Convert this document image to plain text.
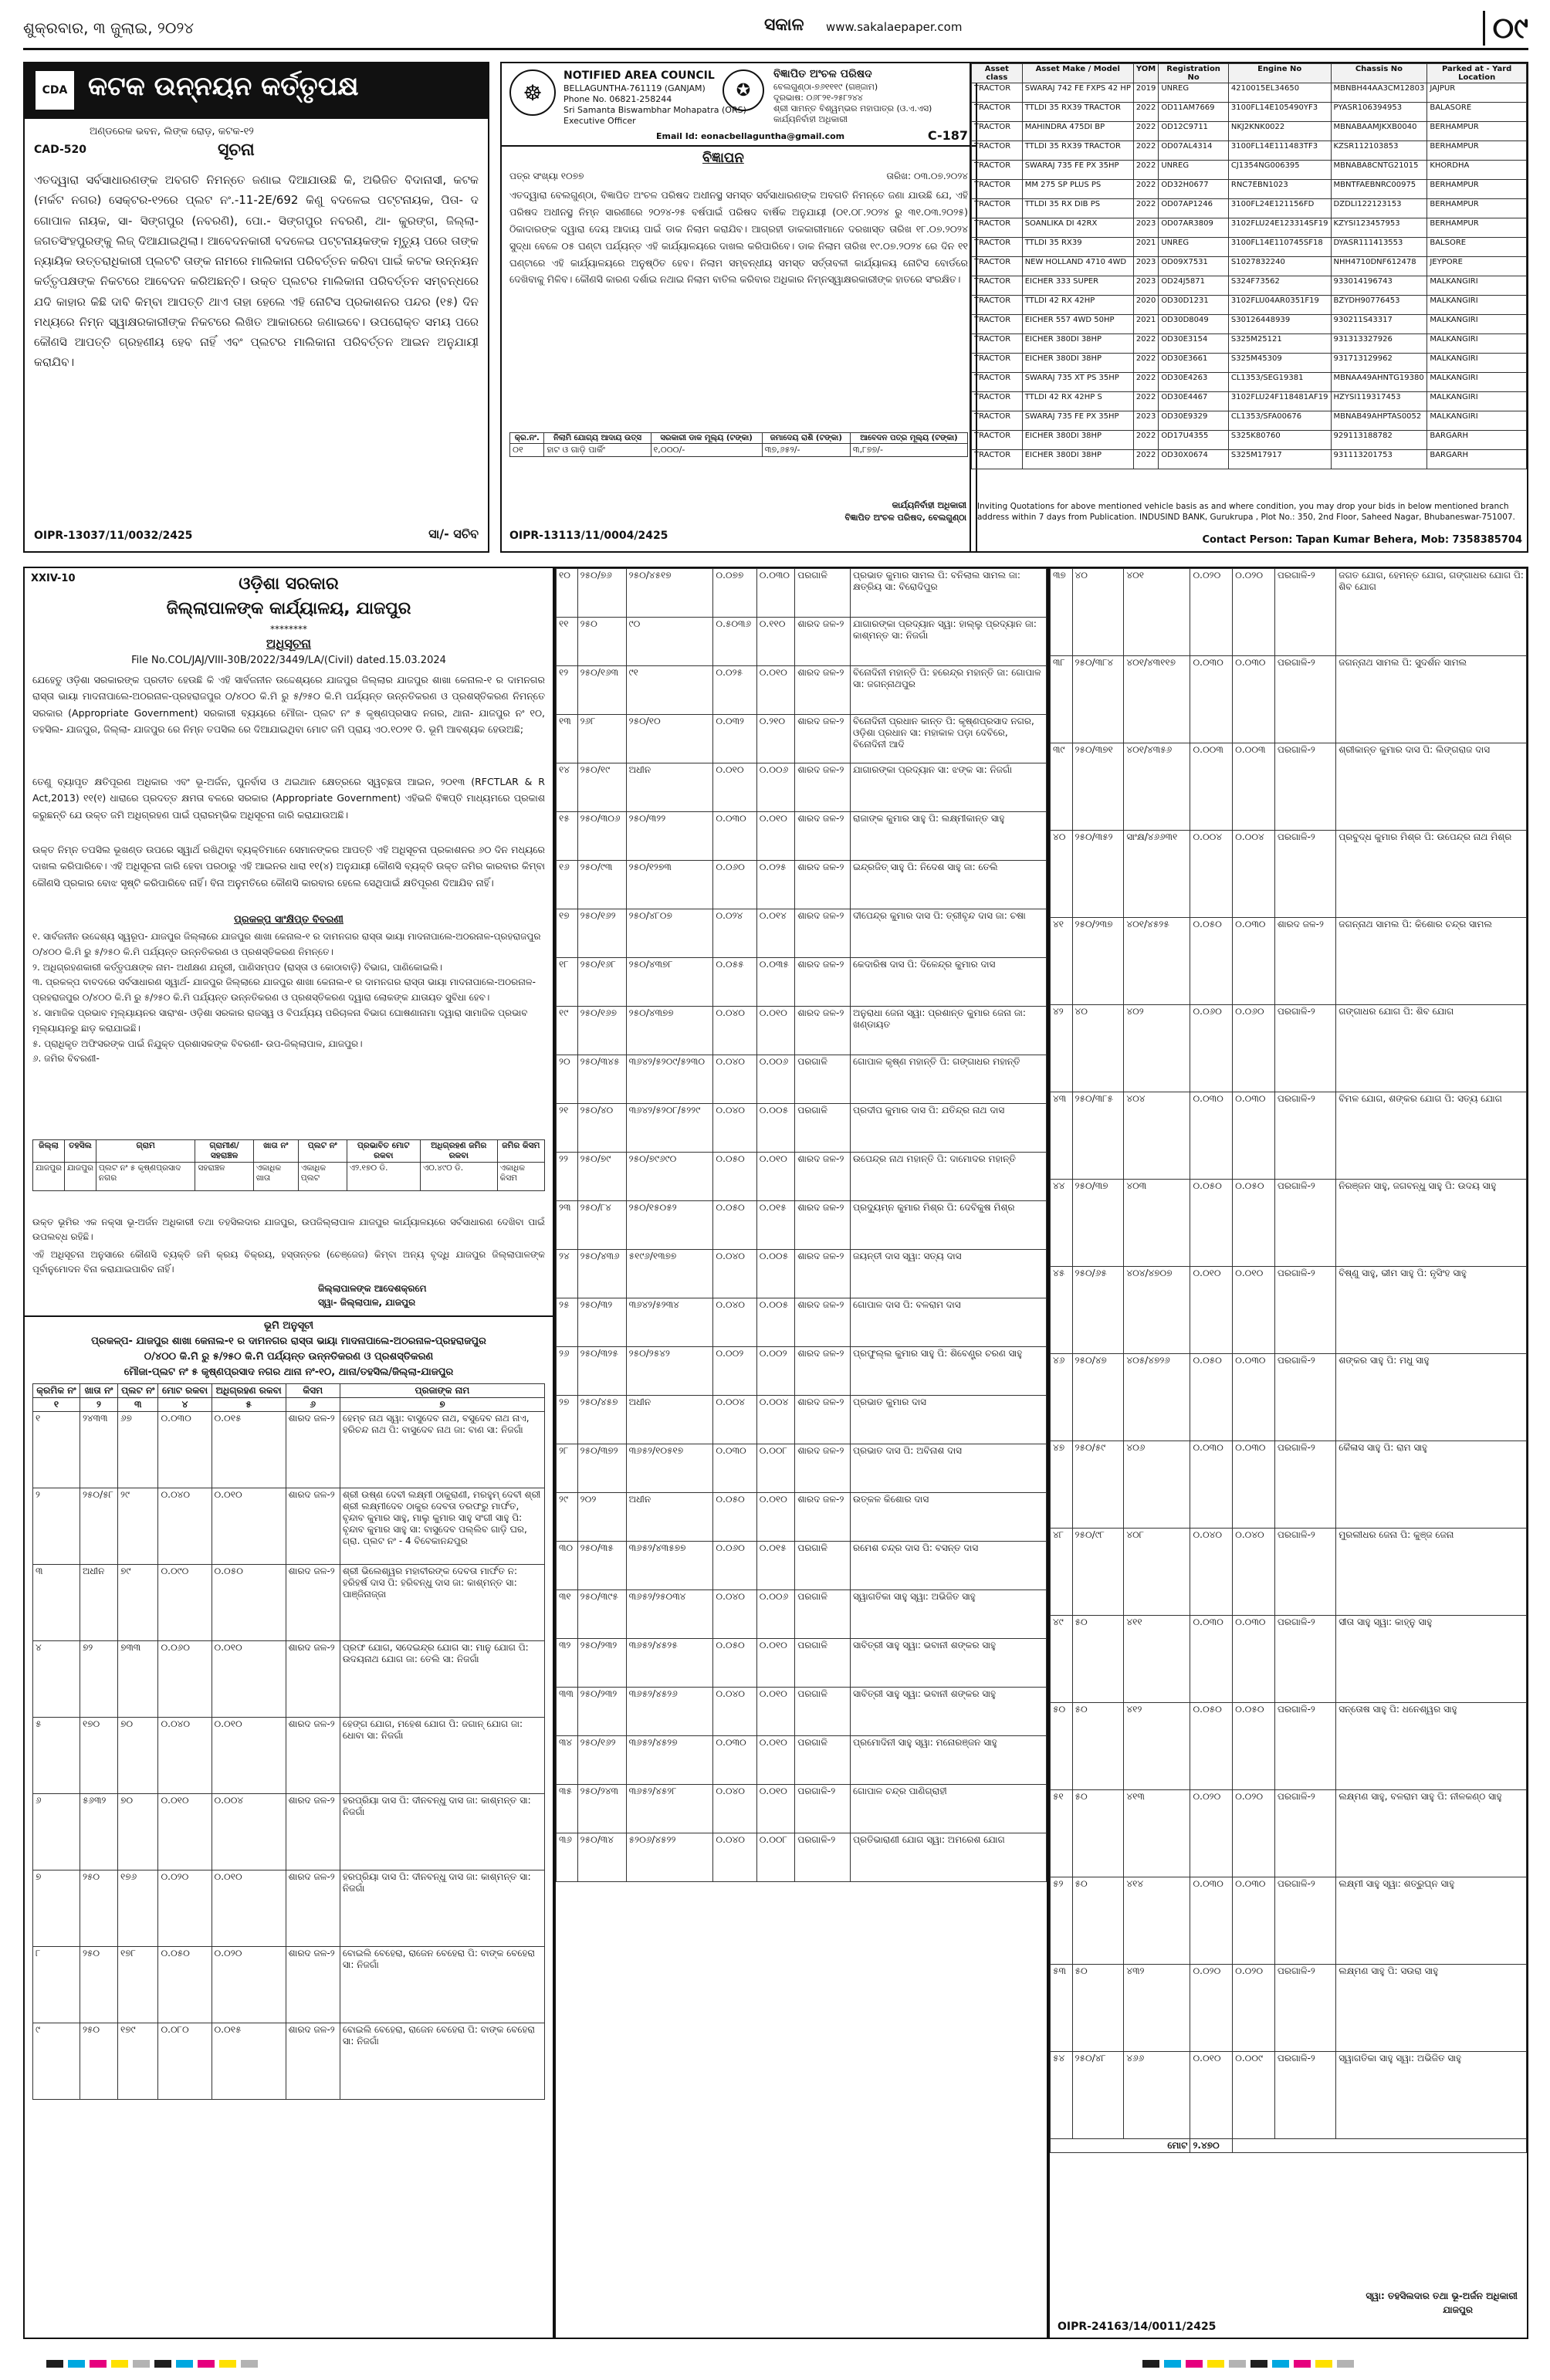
ଶୁକ୍ରବାର, ୩ ଜୁଲାଇ, ୨୦୨୪	ସକାଳ www.sakalaepaper.com	୦୯
CDA କଟକ ଉନ୍ନୟନ କର୍ତ୍ତୃପକ୍ଷ
ଅଣ୍ଡରେକ ଭବନ, ଲିଙ୍କ ରୋଡ଼, କଟକ-୧୨
CAD-520	ସୂଚନା
ଏତଦ୍ୱାରା ସର୍ବସାଧାରଣଙ୍କ ଅବଗତି ନିମନ୍ତେ ଜଣାଇ ଦିଆଯାଉଛି କି, ଅଭିଜିତ ବିଦାନାସୀ, କଟକ (ମର୍କଟ ନଗର) ସେକ୍ଟର-୧୨ରେ ପ୍ଲଟ ନଂ.-11-2E/692 କିଣୁ ବଦଳେଇ ପଟ୍ଟନାୟକ, ପିତା- ଦ ଗୋପାଳ ନାୟକ, ସା- ସିଙ୍ଗପୁର (ନବରଣି), ପୋ.- ସିଙ୍ଗପୁର ନବରଣି, ଥା- କୁରଙ୍ଗ, ଜିଲ୍ଲା- ଜଗତସିଂହପୁରଙ୍କୁ ଲିଜ୍ ଦିଆଯାଇଥିଲା। ଆବେଦନକାରୀ ବଦଳେଇ ପଟ୍ଟନାୟକଙ୍କ ମୃତ୍ୟୁ ପରେ ତାଙ୍କ ନ୍ୟାୟିକ ଉତ୍ତରାଧିକାରୀ ପ୍ଲଟଟି ତାଙ୍କ ନାମରେ ମାଲିକାନା ପରିବର୍ତ୍ତନ କରିବା ପାଇଁ କଟକ ଉନ୍ନୟନ କର୍ତ୍ତୃପକ୍ଷଙ୍କ ନିକଟରେ ଆବେଦନ କରିଅଛନ୍ତି। ଉକ୍ତ ପ୍ଲଟର ମାଲିକାନା ପରିବର୍ତ୍ତନ ସମ୍ବନ୍ଧରେ ଯଦି କାହାର କିଛି ଦାବି କିମ୍ବା ଆପତ୍ତି ଥାଏ ତାହା ହେଲେ ଏହି ନୋଟିସ ପ୍ରକାଶନର ପନ୍ଦର (୧୫) ଦିନ ମଧ୍ୟରେ ନିମ୍ନ ସ୍ୱାକ୍ଷରକାରୀଙ୍କ ନିକଟରେ ଲିଖିତ ଆକାରରେ ଜଣାଇବେ। ଉପରୋକ୍ତ ସମୟ ପରେ କୌଣସି ଆପତ୍ତି ଗ୍ରହଣୀୟ ହେବ ନାହିଁ ଏବଂ ପ୍ଲଟର ମାଲିକାନା ପରିବର୍ତ୍ତନ ଆଇନ ଅନୁଯାୟୀ କରାଯିବ।
OIPR-13037/11/0032/2425	ସା/- ସଚିବ
☸
NOTIFIED AREA COUNCIL
BELLAGUNTHA-761119 (GANJAM)
Phone No. 06821-258244
Sri Samanta Biswambhar Mohapatra (ORS)
Executive Officer
✪
ବିଜ୍ଞାପିତ ଅଂଚଳ ପରିଷଦ
ବେଲଗୁଣ୍ଠା-୭୬୧୧୧୯ (ଗଞ୍ଜାମ)
ଦୂରଭାଷ: ୦୬୮୨୧-୨୫୮୨୪୪
ଶ୍ରୀ ସାମନ୍ତ ବିଶ୍ୱମ୍ଭର ମହାପାତ୍ର (ଓ.ଏ.ଏସ)
କାର୍ଯ୍ୟନିର୍ବାହୀ ଅଧିକାରୀ
Email Id: eonacbellaguntha@gmail.com	C-187
ବିଜ୍ଞାପନ
ପତ୍ର ସଂଖ୍ୟା ୧୦୭୭	ତାରିଖ: ୦୩.୦୭.୨୦୨୪
ଏତଦ୍ୱାରା ବେଲଗୁଣ୍ଠା, ବିଜ୍ଞାପିତ ଅଂଚଳ ପରିଷଦ ଅଧୀନସ୍ଥ ସମସ୍ତ ସର୍ବସାଧାରଣଙ୍କ ଅବଗତି ନିମନ୍ତେ ଜଣା ଯାଉଛି ଯେ, ଏହି ପରିଷଦ ଅଧୀନସ୍ଥ ନିମ୍ନ ସାରଣୀରେ ୨୦୨୪-୨୫ ବର୍ଷପାଇଁ ପରିଷଦ ବାର୍ଷିକ ଅନୁଯାୟୀ (୦୧.୦୮.୨୦୨୪ ରୁ ୩୧.୦୩.୨୦୨୫) ଠିକାଦାରଙ୍କ ଦ୍ୱାରା ଦେୟ ଆଦାୟ ପାଇଁ ଡାକ ନିଲାମ କରାଯିବ। ଆଗ୍ରହୀ ଡାକକାରୀମାନେ ଦରଖାସ୍ତ ତାରିଖ ୧୮.୦୭.୨୦୨୪ ସୁଦ୍ଧା ବେଳେ ୦୫ ଘଣ୍ଟା ପର୍ଯ୍ୟନ୍ତ ଏହି କାର୍ଯ୍ୟାଳୟରେ ଦାଖଲ କରିପାରିବେ। ଡାକ ନିଲାମ ତାରିଖ ୧୯.୦୭.୨୦୨୪ ରେ ଦିନ ୧୧ ଘଣ୍ଟାରେ ଏହି କାର୍ଯ୍ୟାଳୟରେ ଅନୁଷ୍ଠିତ ହେବ। ନିଲାମ ସମ୍ବନ୍ଧୀୟ ସମସ୍ତ ସର୍ତ୍ତାବଳୀ କାର୍ଯ୍ୟାଳୟ ନୋଟିସ ବୋର୍ଡରେ ଦେଖିବାକୁ ମିଳିବ। କୌଣସି କାରଣ ଦର୍ଶାଇ ନଥାଇ ନିଲାମ ବାତିଲ କରିବାର ଅଧିକାର ନିମ୍ନସ୍ୱାକ୍ଷରକାରୀଙ୍କ ହାତରେ ସଂରକ୍ଷିତ।
କ୍ର.ନଂ.	ନିଲାମି ଯୋଗ୍ୟ ଆଦାୟ ଉତ୍ସ	ସରକାରୀ ଡାକ ମୂଲ୍ୟ (ଟଙ୍କା)	ଜମାଦେୟ ରାଶି (ଟଙ୍କା)	ଆବେଦନ ପତ୍ର ମୂଲ୍ୟ (ଟଙ୍କା)
୦୧	ହାଟ ଓ ଗାଡ଼ି ପାର୍କିଂ	୧,୦୦୦/-	୩୭,୬୫୨/-	୩,୮୭୭/-
କାର୍ଯ୍ୟନିର୍ବାହୀ ଅଧିକାରୀ
ବିଜ୍ଞାପିତ ଅଂଚଳ ପରିଷଦ, ବେଲଗୁଣ୍ଠା
OIPR-13113/11/0004/2425
Asset class	Asset Make / Model	YOM	Registration No	Engine No	Chassis No	Parked at - Yard Location
TRACTOR	SWARAJ 742 FE FXPS 42 HP	2019	UNREG	4210015EL34650	MBNBH44AA3CM12803	JAJPUR
TRACTOR	TTLDI 35 RX39 TRACTOR	2022	OD11AM7669	3100FL14E105490YF3	PYASR106394953	BALASORE
TRACTOR	MAHINDRA 475DI BP	2022	OD12C9711	NKJ2KNK0022	MBNABAAMJKXB0040	BERHAMPUR
TRACTOR	TTLDI 35 RX39 TRACTOR	2022	OD07AL4314	3100FL14E111483TF3	KZSR112103853	BERHAMPUR
TRACTOR	SWARAJ 735 FE PX 35HP	2022	UNREG	CJ1354NG006395	MBNABA8CNTG21015	KHORDHA
TRACTOR	MM 275 SP PLUS PS	2022	OD32H0677	RNC7EBN1023	MBNTFAEBNRC00975	BERHAMPUR
TRACTOR	TTLDI 35 RX DIB PS	2022	OD07AP1246	3100FL24E121156FD	DZDLI122123153	BERHAMPUR
TRACTOR	SOANLIKA DI 42RX	2023	OD07AR3809	3102FLU24E123314SF19	KZYSI123457953	BERHAMPUR
TRACTOR	TTLDI 35 RX39	2021	UNREG	3100FL14E110745SF18	DYASR111413553	BALSORE
TRACTOR	NEW HOLLAND 4710 4WD	2023	OD09X7531	S1027832240	NHH4710DNF612478	JEYPORE
TRACTOR	EICHER 333 SUPER	2023	OD24J5871	S324F73562	933014196743	MALKANGIRI
TRACTOR	TTLDI 42 RX 42HP	2020	OD30D1231	3102FLU04AR0351F19	BZYDH90776453	MALKANGIRI
TRACTOR	EICHER 557 4WD 50HP	2021	OD30D8049	S30126448939	930211S43317	MALKANGIRI
TRACTOR	EICHER 380DI 38HP	2022	OD30E3154	S325M25121	931313327926	MALKANGIRI
TRACTOR	EICHER 380DI 38HP	2022	OD30E3661	S325M45309	931713129962	MALKANGIRI
TRACTOR	SWARAJ 735 XT PS 35HP	2022	OD30E4263	CL1353/SEG19381	MBNAA49AHNTG19380	MALKANGIRI
TRACTOR	TTLDI 42 RX 42HP S	2022	OD30E4467	3102FLU24F118481AF19	HZYSI119317453	MALKANGIRI
TRACTOR	SWARAJ 735 FE PX 35HP	2023	OD30E9329	CL1353/SFA00676	MBNAB49AHPTAS0052	MALKANGIRI
TRACTOR	EICHER 380DI 38HP	2022	OD17U4355	S325K80760	929113188782	BARGARH
TRACTOR	EICHER 380DI 38HP	2022	OD30X0674	S325M17917	931113201753	BARGARH
Inviting Quotations for above mentioned vehicle basis as and where condition, you may drop your bids in below mentioned branch address within 7 days from Publication. INDUSIND BANK, Gurukrupa , Plot No.: 350, 2nd Floor, Saheed Nagar, Bhubaneswar-751007.
Contact Person: Tapan Kumar Behera, Mob: 7358385704
XXIV-10	ଓଡ଼ିଶା ସରକାର
ଜିଲ୍ଲାପାଳଙ୍କ କାର୍ଯ୍ୟାଳୟ, ଯାଜପୁର
********
ଅଧିସୂଚନା
File No.COL/JAJ/VIII-30B/2022/3449/LA/(Civil) dated.15.03.2024
ଯେହେତୁ ଓଡ଼ିଶା ସରକାରଙ୍କ ପ୍ରତୀତ ହେଉଛି କି ଏହି ସାର୍ବଜନୀନ ଉଦ୍ଦେଶ୍ୟରେ ଯାଜପୁର ଜିଲ୍ଲାର ଯାଜପୁର ଶାଖା କେନାଲ-୧ ର ଦାମନଗର ରାସ୍ତା ଭାୟା ମାଦନାପାଲେ-ଅଠରନାଳ-ପ୍ରହରାଜପୁର ୦/୪୦୦ କି.ମି ରୁ ୫/୨୫୦ କି.ମି ପର୍ଯ୍ୟନ୍ତ ଉନ୍ନତିକରଣ ଓ ପ୍ରଶସ୍ତିକରଣ ନିମନ୍ତେ ସରକାର (Appropriate Government) ସରକାରୀ ବ୍ୟୟରେ ମୌଜା- ପ୍ଲଟ ନଂ ୫ କୃଷ୍ଣପ୍ରସାଦ ନଗର, ଥାନା- ଯାଜପୁର ନଂ ୧୦, ତହସିଲ- ଯାଜପୁର, ଜିଲ୍ଲା- ଯାଜପୁର ରେ ନିମ୍ନ ତପସିଲ ରେ ଦିଆଯାଇଥିବା ମୋଟ ଜମି ପ୍ରାୟ ଏ୦.୧୦୨୧ ଡି. ଭୂମି ଆବଶ୍ୟକ ହେଉଅଛି;
ତେଣୁ ବ୍ୟାପୃତ କ୍ଷତିପୂରଣ ଅଧିକାର ଏବଂ ଭୂ-ଅର୍ଜନ, ପୁନର୍ବାସ ଓ ଥଇଥାନ କ୍ଷେତ୍ରରେ ସ୍ୱଚ୍ଛତା ଆଇନ, ୨୦୧୩ (RFCTLAR & R Act,2013) ୧୧(୧) ଧାରାରେ ପ୍ରଦତ୍ତ କ୍ଷମତା ବଳରେ ସରକାର (Appropriate Government) ଏହିଭଳି ବିଜ୍ଞପ୍ତି ମାଧ୍ୟମରେ ପ୍ରକାଶ କରୁଛନ୍ତି ଯେ ଉକ୍ତ ଜମି ଅଧିଗ୍ରହଣ ପାଇଁ ପ୍ରାରମ୍ଭିକ ଅଧିସୂଚନା ଜାରି କରାଯାଉଅଛି।
ଉକ୍ତ ନିମ୍ନ ତପସିଲ ଭୂଖଣ୍ଡ ଉପରେ ସ୍ୱାର୍ଥ ରଖିଥିବା ବ୍ୟକ୍ତିମାନେ ସେମାନଙ୍କର ଆପତ୍ତି ଏହି ଅଧିସୂଚନା ପ୍ରକାଶନର ୬୦ ଦିନ ମଧ୍ୟରେ ଦାଖଲ କରିପାରିବେ। ଏହି ଅଧିସୂଚନା ଜାରି ହେବା ପରଠାରୁ ଏହି ଆଇନର ଧାରା ୧୧(୪) ଅନୁଯାୟୀ କୌଣସି ବ୍ୟକ୍ତି ଉକ୍ତ ଜମିର କାରବାର କିମ୍ବା କୌଣସି ପ୍ରକାର ବୋଝ ସୃଷ୍ଟି କରିପାରିବେ ନାହିଁ। ବିନା ଅନୁମତିରେ କୌଣସି କାରବାର ହେଲେ ସେଥିପାଇଁ କ୍ଷତିପୂରଣ ଦିଆଯିବ ନାହିଁ।
ପ୍ରକଳ୍ପ ସାଂକ୍ଷିପ୍ତ ବିବରଣୀ
୧. ସାର୍ବଜନୀନ ଉଦ୍ଦେଶ୍ୟ ସ୍ୱରୂପ- ଯାଜପୁର ଜିଲ୍ଲାରେ ଯାଜପୁର ଶାଖା କେନାଲ-୧ ର ଦାମନଗର ରାସ୍ତା ଭାୟା ମାଦନାପାଲେ-ଅଠରନାଳ-ପ୍ରହରାଜପୁର ୦/୪୦୦ କି.ମି ରୁ ୫/୨୫୦ କି.ମି ପର୍ଯ୍ୟନ୍ତ ଉନ୍ନତିକରଣ ଓ ପ୍ରଶସ୍ତିକରଣ ନିମନ୍ତେ।
୨. ଅଧିଗ୍ରହଣକାରୀ କର୍ତ୍ତୃପକ୍ଷଙ୍କ ନାମ- ଅଧୀକ୍ଷଣ ଯନ୍ତ୍ରୀ, ପାଣିସମ୍ପଦ (ରାସ୍ତା ଓ କୋଠାବାଡ଼ି) ବିଭାଗ, ପାଣିକୋଇଲି।
୩. ପ୍ରକଳ୍ପ ବାବଦରେ ସର୍ବସାଧାରଣ ସ୍ୱାର୍ଥ- ଯାଜପୁର ଜିଲ୍ଲାରେ ଯାଜପୁର ଶାଖା କେନାଲ-୧ ର ଦାମନଗର ରାସ୍ତା ଭାୟା ମାଦନାପାଲେ-ଅଠରନାଳ-ପ୍ରହରାଜପୁର ୦/୪୦୦ କି.ମି ରୁ ୫/୨୫୦ କି.ମି ପର୍ଯ୍ୟନ୍ତ ଉନ୍ନତିକରଣ ଓ ପ୍ରଶସ୍ତିକରଣ ଦ୍ୱାରା ଲୋକଙ୍କ ଯାତାୟତ ସୁବିଧା ହେବ।
୪. ସାମାଜିକ ପ୍ରଭାବ ମୂଲ୍ୟାୟନର ସାରାଂଶ- ଓଡ଼ିଶା ସରକାର ରାଜସ୍ୱ ଓ ବିପର୍ଯ୍ୟୟ ପରିଚାଳନା ବିଭାଗ ଘୋଷଣାନାମା ଦ୍ୱାରା ସାମାଜିକ ପ୍ରଭାବ ମୂଲ୍ୟାୟନରୁ ଛାଡ଼ କରାଯାଇଛି।
୫. ପ୍ରାଧିକୃତ ଅଫିସରଙ୍କ ପାଇଁ ନିଯୁକ୍ତ ପ୍ରଶାସକଙ୍କ ବିବରଣୀ- ଉପ-ଜିଲ୍ଲାପାଳ, ଯାଜପୁର।
୬. ଜମିର ବିବରଣୀ-
ଜିଲ୍ଲା	ତହସିଲ	ଗ୍ରାମ	ଗ୍ରାମୀଣ/ସହରାଞ୍ଚଳ	ଖାତା ନଂ	ପ୍ଲଟ ନଂ	ପ୍ରଭାବିତ ମୋଟ ରକବା	ଅଧିଗ୍ରହଣ ଜମିର ରକବା	ଜମିର କିସମ
ଯାଜପୁର	ଯାଜପୁର	ପ୍ଲଟ ନଂ ୫ କୃଷ୍ଣପ୍ରସାଦ ନଗର	ସହରାଞ୍ଚଳ	ଏକାଧିକ ଖାତା	ଏକାଧିକ ପ୍ଲଟ	ଏ୨.୧୭୦ ଡି.	ଏ୦.୪୯୦ ଡି.	ଏକାଧିକ କିସମ
ଉକ୍ତ ଭୂମିର ଏକ ନକ୍ସା ଭୂ-ଅର୍ଜନ ଅଧିକାରୀ ତଥା ତହସିଲଦାର ଯାଜପୁର, ଉପଜିଲ୍ଲାପାଳ ଯାଜପୁର କାର୍ଯ୍ୟାଳୟରେ ସର୍ବସାଧାରଣ ଦେଖିବା ପାଇଁ ଉପଲବ୍ଧ ରହିଛି।
ଏହି ଅଧିସୂଚନା ଅନୁସାରେ କୌଣସି ବ୍ୟକ୍ତି ଜମି କ୍ରୟ ବିକ୍ରୟ, ହସ୍ତାନ୍ତର (ଚେଞ୍ଜେଜ) କିମ୍ବା ଅନ୍ୟ ବୃଦ୍ଧି ଯାଜପୁର ଜିଲ୍ଲାପାଳଙ୍କ ପୂର୍ବାନୁମୋଦନ ବିନା କରାଯାଇପାରିବ ନାହିଁ।
ଜିଲ୍ଲାପାଳଙ୍କ ଆଦେଶକ୍ରମେ
ସ୍ୱା- ଜିଲ୍ଲାପାଳ, ଯାଜପୁର
ଭୂମି ଅନୁସୂଚୀ
ପ୍ରକଳ୍ପ- ଯାଜପୁର ଶାଖା କେନାଲ-୧ ର ଦାମନଗର ରାସ୍ତା ଭାୟା ମାଦନାପାଲେ-ଅଠରନାଳ-ପ୍ରହରାଜପୁର
୦/୪୦୦ କି.ମି ରୁ ୫/୨୫୦ କି.ମି ପର୍ଯ୍ୟନ୍ତ ଉନ୍ନତିକରଣ ଓ ପ୍ରଶସ୍ତିକରଣ
ମୌଜା-ପ୍ଲଟ ନଂ ୫ କୃଷ୍ଣପ୍ରସାଦ ନଗର ଥାନା ନଂ-୧୦, ଥାନା/ତହସିଲ/ଜିଲ୍ଲା-ଯାଜପୁର
କ୍ରମିକ ନଂ	ଖାତା ନଂ	ପ୍ଲଟ ନଂ	ମୋଟ ରକବା	ଅଧିଗ୍ରହଣ ରକବା	କିସମ	ପ୍ରଜାଙ୍କ ନାମ
୧	୨	୩	୪	୫	୬	୭
୧	୨୪୩୩	୬୭	୦.୦୩୦	୦.୦୧୫	ଶାରଦ ଜଳ-୨	ହେମ୍ବ ନାଥ ସ୍ୱା: ବାସୁଦେବ ନାଥ, ବସୁଦେବ ନାଥ ନାଏ, ହରିଚନ୍ଦ ନାଥ ପି: ବାସୁଦେବ ନାଥ ଜା: ବାଣ ସା: ନିଜଗାଁ
୨	୨୫୦/୫୮	୨୯	୦.୦୪୦	୦.୦୧୦	ଶାରଦ ଜଳ-୨	ଶ୍ରୀ ଉଷ୍ଣ ଦେବୀ ଲକ୍ଷ୍ମୀ ଠାକୁରାଣୀ, ମରହୁମ୍ ଦେବୀ ଶ୍ରୀ ଶ୍ରୀ ଲକ୍ଷ୍ମୀଦେବ ଠାକୁର ଦେବତା ତରଫରୁ ମାର୍ଫତ, ବୃନ୍ଦାବ କୁମାର ସାହୁ, ମାଲୁ କୁମାର ସାହୁ ସଂଗୀ ସାହୁ ପି: ବୃନ୍ଦାବ କୁମାର ସାହୁ ସା: ବାସୁଦେବ ପଲ୍ଲିବ ଗାଡ଼ି ଘର, ଗ୍ରା. ପ୍ଲଟ ନଂ - 4 ବିବେକାନନ୍ଦପୁର
୩	ଅଧୀନ	୭୯	୦.୦୯୦	୦.୦୫୦	ଶାରଦ ଜଳ-୨	ଶ୍ରୀ ଭିଲେଶ୍ୱର ମହାବୀରଙ୍କ ଦେବତା ମାର୍ଫତ ନ: ହରିହର୍ଷ ଦାସ ପି: ହରିବନ୍ଧୁ ଦାସ ଜା: କାଶ୍ମନ୍ତ ସା: ପାଞ୍ଜିନାଜ୍ଜା
୪	୭୨	୭୩୩	୦.୦୬୦	୦.୦୧୦	ଶାରଦ ଜଳ-୨	ପ୍ରଫ ଯୋଗ, ସଦେଇନ୍ଦ୍ର ଯୋଗ ସା: ମାନୁ ଯୋଗ ପି: ଉଦୟନାଥ ଯୋଗ ଜା: ତେଲି ସା: ନିଜଗାଁ
୫	୧୭୦	୭୦	୦.୦୪୦	୦.୦୧୦	ଶାରଦ ଜଳ-୨	ହେଙ୍ଗ ଯୋଗ, ମହେଶ ଯୋଗ ପି: ଜଗାନ୍ ଯୋଗ ଜା: ଧୋବା ସା: ନିଜଗାଁ
୬	୫୬୩୨	୭୦	୦.୦୧୦	୦.୦୦୪	ଶାରଦ ଜଳ-୨	ହରପ୍ରିୟା ଦାସ ପି: ଦୀନବନ୍ଧୁ ଦାସ ଜା: କାଶ୍ମନ୍ତ ସା: ନିଜଗାଁ
୭	୨୫୦	୧୭୬	୦.୦୨୦	୦.୦୧୦	ଶାରଦ ଜଳ-୨	ହରପ୍ରିୟା ଦାସ ପି: ଦୀନବନ୍ଧୁ ଦାସ ଜା: କାଶ୍ମନ୍ତ ସା: ନିଜଗାଁ
୮	୨୫୦	୧୭୮	୦.୦୫୦	୦.୦୨୦	ଶାରଦ ଜଳ-୨	ବୋଇଲି ବେହେରା, ରାଜେନ ବେହେରା ପି: ବାଙ୍କ ବେହେରା ସା: ନିଜଗାଁ
୯	୨୫୦	୧୭୯	୦.୦୮୦	୦.୦୧୫	ଶାରଦ ଜଳ-୨	ବୋଇଲି ବେହେରା, ରାଜେନ ବେହେରା ପି: ବାଙ୍କ ବେହେରା ସା: ନିଜଗାଁ
୧୦	୨୫୦/୭୬	୨୫୦/୪୫୧୭	୦.୦୭୭	୦.୦୩୦	ପରଗାଳି	ପ୍ରଭାତ କୁମାର ସାମଲ ପି: ବନିଲାଲ ସାମଲ ଜା: କ୍ଷତ୍ରିୟ ସା: ବିରୋଦିପୁର
୧୧	୨୫୦	୯୦	୦.୫୦୩୬	୦.୧୧୦	ଶାରଦ ଜଳ-୨	ଯାଗାରଙ୍କା ପ୍ରଦ୍ୟାନ ସ୍ୱା: ହାଲ୍ଲୁ ପ୍ରଦ୍ୟାନ ଜା: କାଶ୍ମନ୍ତ ସା: ନିଜଗାଁ
୧୨	୨୫୦/୧୬୩	୯୧	୦.୦୨୫	୦.୦୧୦	ଶାରଦ ଜଳ-୨	ବିନୋଦିନୀ ମହାନ୍ତି ପି: ହରେନ୍ଦ୍ର ମହାନ୍ତି ଜା: ଗୋପାଳ ସା: ଜଗନ୍ନାଥପୁର
୧୩	୨୬୮	୨୫୦/୧୦	୦.୦୩୨	୦.୨୧୦	ଶାରଦ ଜଳ-୨	ବିନୋଦିନୀ ପ୍ରଧାନ କାନ୍ତ ପି: କୃଷ୍ଣପ୍ରସାଦ ନଗର, ଓଡ଼ିଶା ପ୍ରଧାନ ସା: ମହାକାଳ ପଡ଼ା ଦେବିରେ, ବିନୋଦିନୀ ଆଦି
୧୪	୨୫୦/୧୯	ଅଧୀନ	୦.୦୧୦	୦.୦୦୬	ଶାରଦ ଜଳ-୨	ଯାଗାରଙ୍କା ପ୍ରଦ୍ୟାନ ସା: ଝଙ୍କ ସା: ନିଜଗାଁ
୧୫	୨୫୦/୩୦୬	୨୫୦/୩୨୨	୦.୦୩୦	୦.୦୧୦	ଶାରଦ ଜଳ-୨	ରାଜାଙ୍କ କୁମାର ସାହୁ ପି: ଲକ୍ଷ୍ମୀକାନ୍ତ ସାହୁ
୧୬	୨୫୦/୯୩	୨୫୦/୧୨୭୩	୦.୦୬୦	୦.୦୨୫	ଶାରଦ ଜଳ-୨	ଇନ୍ଦ୍ରଜିତ୍ ସାହୁ ପି: ନିଦେଶ ସାହୁ ଜା: ତେଲି
୧୭	୨୫୦/୧୬୨	୨୫୦/୪୮୦୭	୦.୦୨୪	୦.୦୧୪	ଶାରଦ ଜଳ-୨	ଦୀପେନ୍ଦ୍ର କୁମାର ଦାସ ପି: ତ୍ରୀବୃନ୍ଦ ଦାସ ଜା: ଚଷା
୧୮	୨୫୦/୧୬୮	୨୫୦/୪୩୭୮	୦.୦୫୫	୦.୦୩୫	ଶାରଦ ଜଳ-୨	କେଦାରିଷ ଦାସ ପି: ଦିଳେନ୍ଦ୍ର କୁମାର ଦାସ
୧୯	୨୫୦/୧୬୭	୨୫୦/୪୩୭୭	୦.୦୪୦	୦.୦୧୦	ଶାରଦ ଜଳ-୨	ଅନୁରାଧା ଜେନା ସ୍ୱା: ପ୍ରଶାନ୍ତ କୁମାର ଜେନା ଜା: ଖଣ୍ଡାୟତ
୨୦	୨୫୦/୩୪୫	୩୬୪୨/୫୨୦୯/୫୨୩୦	୦.୦୪୦	୦.୦୦୬	ପରଗାଳି	ଗୋପାଳ କୃଷ୍ଣ ମହାନ୍ତି ପି: ଗଙ୍ଗାଧର ମହାନ୍ତି
୨୧	୨୫୦/୪୦	୩୬୪୨/୫୨୦୮/୫୨୨୯	୦.୦୪୦	୦.୦୦୫	ପରଗାଳି	ପ୍ରଦୀପ କୁମାର ଦାସ ପି: ଯତିନ୍ଦ୍ର ନାଥ ଦାସ
୨୨	୨୫୦/୭୯	୨୫୦/୭୯୬୯୦	୦.୦୫୦	୦.୦୧୦	ଶାରଦ ଜଳ-୨	ଉପେନ୍ଦ୍ର ନାଥ ମହାନ୍ତି ପି: ଦାମୋଦର ମହାନ୍ତି
୨୩	୨୫୦/୮୪	୨୫୦/୧୫୦୫୨	୦.୦୫୦	୦.୦୧୫	ଶାରଦ ଜଳ-୨	ପ୍ରଦ୍ୟୁମ୍ନ କୁମାର ମିଶ୍ର ପି: ଦେବିକୁଷ ମିଶ୍ର
୨୪	୨୫୦/୪୩୬	୫୧୯୬/୧୩୭୭	୦.୦୪୦	୦.୦୦୫	ଶାରଦ ଜଳ-୨	ଜୟନ୍ତୀ ଦାସ ସ୍ୱା: ସତ୍ୟ ଦାସ
୨୫	୨୫୦/୩୨	୩୬୪୨/୫୨୩୪	୦.୦୪୦	୦.୦୦୫	ଶାରଦ ଜଳ-୨	ଗୋପାଳ ଦାସ ପି: ବଳରାମ ଦାସ
୨୬	୨୫୦/୩୨୫	୨୫୦/୨୫୪୨	୦.୦୦୨	୦.୦୦୨	ଶାରଦ ଜଳ-୨	ପ୍ରଫୁଲ୍ଲ କୁମାର ସାହୁ ପି: ଶିବେଣ୍ଟ୍ର ଚରଣ ସାହୁ
୨୭	୨୫୦/୪୫୭	ଅଧୀନ	୦.୦୦୪	୦.୦୦୪	ଶାରଦ ଜଳ-୨	ପ୍ରଭାତ କୁମାର ଦାସ
୨୮	୨୫୦/୩୭୨	୩୬୫୨/୧୦୫୧୭	୦.୦୩୦	୦.୦୦୮	ଶାରଦ ଜଳ-୨	ପ୍ରଭାତ ଦାସ ପି: ଅବିନାଶ ଦାସ
୨୯	୨୦୨	ଅଧୀନ	୦.୦୫୦	୦.୦୧୦	ଶାରଦ ଜଳ-୨	ଉତ୍କଳ କିଶୋର ଦାସ
୩୦	୨୫୦/୩୫	୩୬୫୨/୪୩୫୭୭	୦.୦୬୦	୦.୦୧୫	ପରଗାଳି	ରମେଶ ଚନ୍ଦ୍ର ଦାସ ପି: ବସନ୍ତ ଦାସ
୩୧	୨୫୦/୩୯୫	୩୬୫୨/୨୫୦୩୪	୦.୦୪୦	୦.୦୦୬	ପରଗାଳି	ସ୍ୱାଗତିକା ସାହୁ ସ୍ୱା: ଅଭିଜିତ ସାହୁ
୩୨	୨୫୦/୨୩୨	୩୬୫୨/୪୫୨୫	୦.୦୫୦	୦.୦୧୦	ପରଗାଳି	ସାବିତ୍ରୀ ସାହୁ ସ୍ୱା: ଭବାନୀ ଶଙ୍କର ସାହୁ
୩୩	୨୫୦/୨୩୨	୩୬୫୨/୪୫୨୬	୦.୦୪୦	୦.୦୧୦	ପରଗାଳି	ସାବିତ୍ରୀ ସାହୁ ସ୍ୱା: ଭବାନୀ ଶଙ୍କର ସାହୁ
୩୪	୨୫୦/୧୬୨	୩୬୫୨/୪୫୨୭	୦.୦୩୦	୦.୦୧୦	ପରଗାଳି	ପ୍ରମୋଦିନୀ ସାହୁ ସ୍ୱା: ମନୋରଞ୍ଜନ ସାହୁ
୩୫	୨୫୦/୨୪୩	୩୬୫୨/୪୫୨୮	୦.୦୪୦	୦.୦୧୦	ପରଗାଳି-୨	ଗୋପାଳ ଚନ୍ଦ୍ର ପାଣିଗ୍ରାହୀ
୩୬	୨୫୦/୩୪	୫୨୦୬/୪୫୨୨	୦.୦୪୦	୦.୦୦୮	ପରଗାଳି-୨	ପ୍ରତିଭାରାଣୀ ଯୋଗ ସ୍ୱା: ଅମରେଶ ଯୋଗ
୩୭	୪୦	୪୦୧	୦.୦୨୦	୦.୦୨୦	ପରଗାଳି-୨	ଜଗତ ଯୋଗ, ହେମନ୍ତ ଯୋଗ, ଗଙ୍ଗାଧର ଯୋଗ ପି: ଶିବ ଯୋଗ
୩୮	୨୫୦/୩୮୪	୪୦୧/୪୩୧୧୭	୦.୦୩୦	୦.୦୩୦	ପରଗାଳି-୨	ଜଗନ୍ନାଥ ସାମଲ ପି: ସୁଦର୍ଶନ ସାମଲ
୩୯	୨୫୦/୩୭୧	୪୦୧/୪୩୫୬	୦.୦୦୩	୦.୦୦୩	ପରଗାଳି-୨	ଶ୍ରୀକାନ୍ତ କୁମାର ଦାସ ପି: ଲିଙ୍ଗରାଜ ଦାସ
୪୦	୨୫୦/୩୫୨	ସାଂକ୍ଷ/୪୬୬୩୧	୦.୦୦୪	୦.୦୦୪	ପରଗାଳି-୨	ପ୍ରବୁଦ୍ଧ କୁମାର ମିଶ୍ର ପି: ଉପେନ୍ଦ୍ର ନାଥ ମିଶ୍ର
୪୧	୨୫୦/୨୩୭	୪୦୧/୪୫୨୫	୦.୦୫୦	୦.୦୩୦	ଶାରଦ ଜଳ-୨	ଜଗନ୍ନାଥ ସାମଲ ପି: କିଶୋର ଚନ୍ଦ୍ର ସାମଲ
୪୨	୪୦	୪୦୨	୦.୦୬୦	୦.୦୬୦	ପରଗାଳି-୨	ଗଙ୍ଗାଧର ଯୋଗ ପି: ଶିବ ଯୋଗ
୪୩	୨୫୦/୩୮୫	୪୦୪	୦.୦୩୦	୦.୦୩୦	ପରଗାଳି-୨	ବିମଳ ଯୋଗ, ଶଙ୍କର ଯୋଗ ପି: ସତ୍ୟ ଯୋଗ
୪୪	୨୫୦/୩୭	୪୦୩	୦.୦୫୦	୦.୦୫୦	ପରଗାଳି-୨	ନିରଞ୍ଜନ ସାହୁ, ଜଗବନ୍ଧୁ ସାହୁ ପି: ଉଦୟ ସାହୁ
୪୫	୨୫୦/୬୫	୪୦୪/୪୭୦୭	୦.୦୧୦	୦.୦୧୦	ପରଗାଳି-୨	ବିଷ୍ଣୁ ସାହୁ, ଭୀମ ସାହୁ ପି: ନୃସିଂହ ସାହୁ
୪୬	୨୫୦/୪୭	୪୦୫/୪୭୨୬	୦.୦୫୦	୦.୦୩୦	ପରଗାଳି-୨	ଶଙ୍କର ସାହୁ ପି: ମଧୁ ସାହୁ
୪୭	୨୫୦/୫୯	୪୦୬	୦.୦୩୦	୦.୦୩୦	ପରଗାଳି-୨	କୈଳାସ ସାହୁ ପି: ରାମ ସାହୁ
୪୮	୨୫୦/୯୮	୪୦୮	୦.୦୪୦	୦.୦୪୦	ପରଗାଳି-୨	ମୁରଲୀଧର ଜେନା ପି: କୁଞ୍ଜ ଜେନା
୪୯	୫୦	୪୧୧	୦.୦୩୦	୦.୦୩୦	ପରଗାଳି-୨	ସୀତା ସାହୁ ସ୍ୱା: କାହ୍ନୁ ସାହୁ
୫୦	୫୦	୪୧୨	୦.୦୫୦	୦.୦୫୦	ପରଗାଳି-୨	ସନ୍ତୋଷ ସାହୁ ପି: ଧନେଶ୍ୱର ସାହୁ
୫୧	୫୦	୪୧୩	୦.୦୨୦	୦.୦୨୦	ପରଗାଳି-୨	ଲକ୍ଷ୍ମଣ ସାହୁ, ବଳରାମ ସାହୁ ପି: ନୀଳକଣ୍ଠ ସାହୁ
୫୨	୫୦	୪୧୪	୦.୦୩୦	୦.୦୩୦	ପରଗାଳି-୨	ଲକ୍ଷ୍ମୀ ସାହୁ ସ୍ୱା: ଶତ୍ରୁଘ୍ନ ସାହୁ
୫୩	୫୦	୪୩୨	୦.୦୨୦	୦.୦୨୦	ପରଗାଳି-୨	ଲକ୍ଷ୍ମଣ ସାହୁ ପି: ସଉରା ସାହୁ
୫୪	୨୫୦/୪୮	୪୬୬	୦.୦୧୦	୦.୦୦୯	ପରଗାଳି-୨	ସ୍ୱାଗତିକା ସାହୁ ସ୍ୱା: ଅଭିଜିତ ସାହୁ
ମୋଟ			୨.୪୭୦			
ସ୍ୱା: ତହସିଲଦାର ତଥା ଭୂ-ଅର୍ଜନ ଅଧିକାରୀ
ଯାଜପୁର
OIPR-24163/14/0011/2425
